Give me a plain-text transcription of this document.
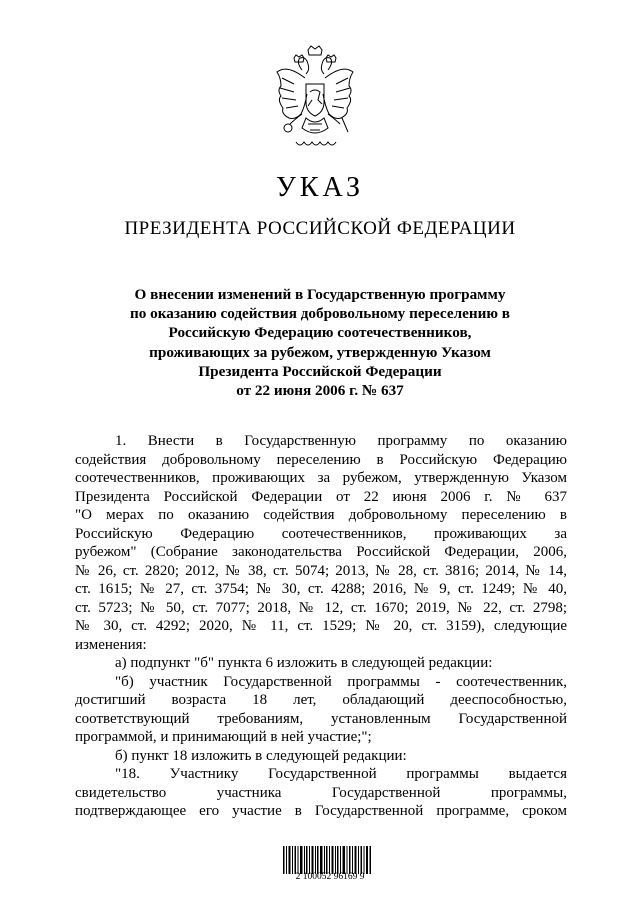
УКАЗ
ПРЕЗИДЕНТА РОССИЙСКОЙ ФЕДЕРАЦИИ
О внесении изменений в Государственную программу
по оказанию содействия добровольному переселению в
Российскую Федерацию соотечественников,
проживающих за рубежом, утвержденную Указом
Президента Российской Федерации
от 22 июня 2006 г. № 637
1. Внести в Государственную программу по оказанию
содействия добровольному переселению в Российскую Федерацию
соотечественников, проживающих за рубежом, утвержденную Указом
Президента Российской Федерации от 22 июня 2006 г. № 637
"О мерах по оказанию содействия добровольному переселению в
Российскую Федерацию соотечественников, проживающих за
рубежом" (Собрание законодательства Российской Федерации, 2006,
№ 26, ст. 2820; 2012, № 38, ст. 5074; 2013, № 28, ст. 3816; 2014, № 14,
ст. 1615; № 27, ст. 3754; № 30, ст. 4288; 2016, № 9, ст. 1249; № 40,
ст. 5723; № 50, ст. 7077; 2018, № 12, ст. 1670; 2019, № 22, ст. 2798;
№ 30, ст. 4292; 2020, № 11, ст. 1529; № 20, ст. 3159), следующие
изменения:
а) подпункт "б" пункта 6 изложить в следующей редакции:
"б) участник Государственной программы - соотечественник,
достигший возраста 18 лет, обладающий дееспособностью,
соответствующий требованиям, установленным Государственной
программой, и принимающий в ней участие;";
б) пункт 18 изложить в следующей редакции:
"18. Участнику Государственной программы выдается
свидетельство участника Государственной программы,
подтверждающее его участие в Государственной программе, сроком
2 100052 96169 9
